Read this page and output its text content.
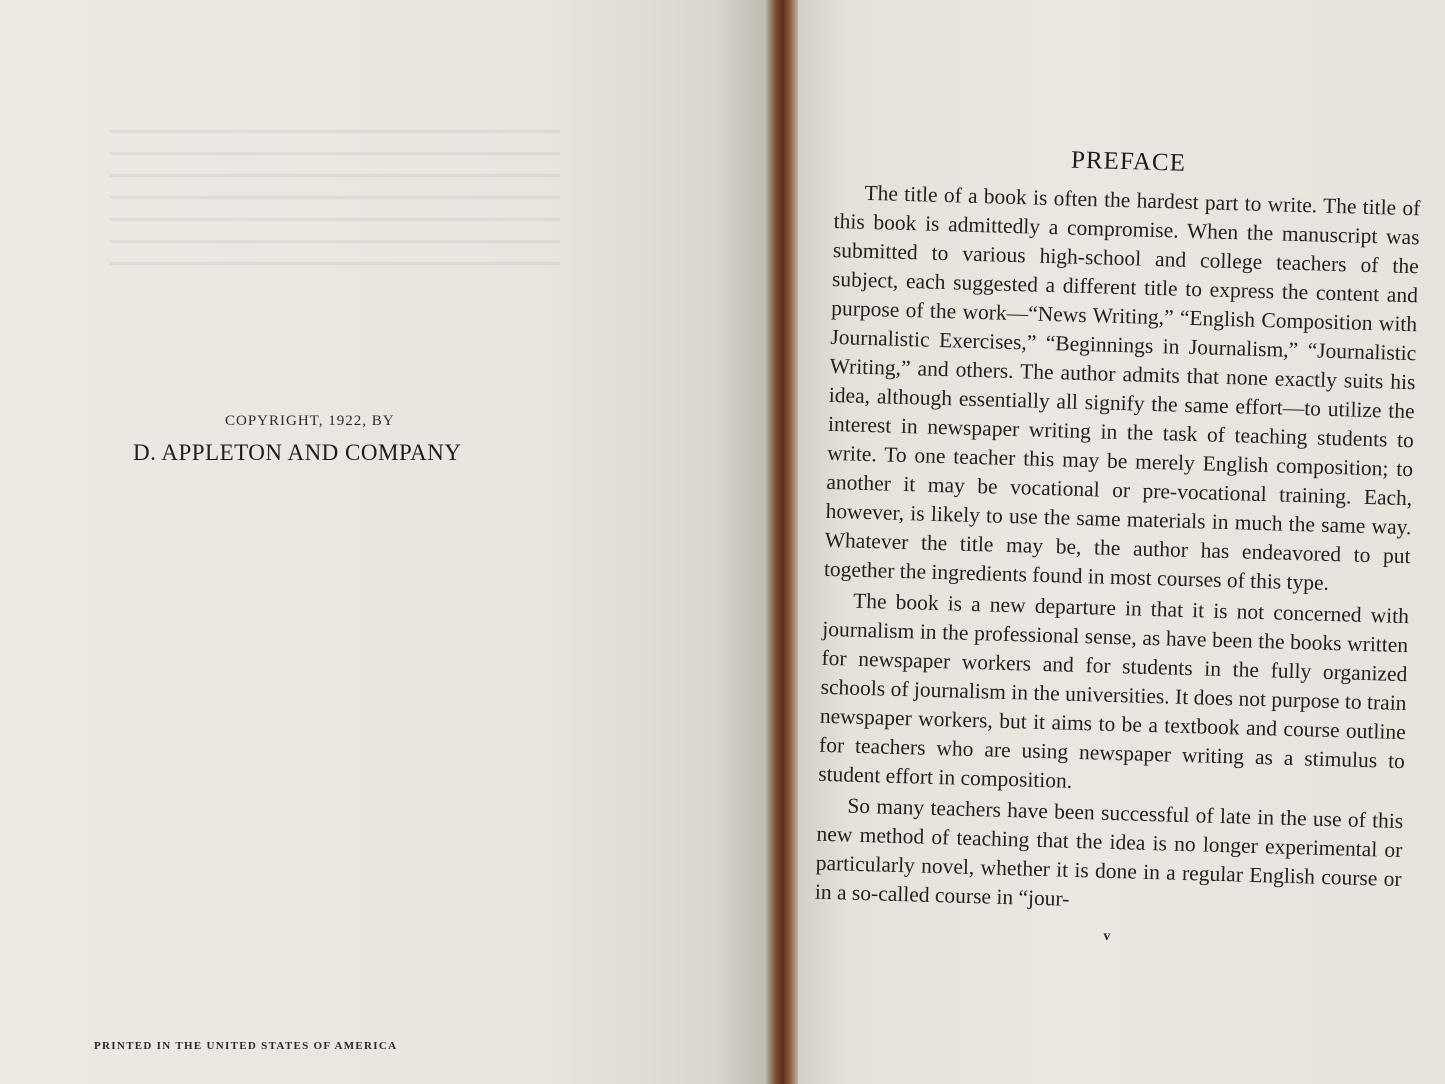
COPYRIGHT, 1922, BY
D. APPLETON AND COMPANY
PRINTED IN THE UNITED STATES OF AMERICA
PREFACE

The title of a book is often the hardest part to write. The title of this book is admittedly a compromise. When the manuscript was submitted to various high-school and college teachers of the subject, each suggested a different title to express the content and purpose of the work—“News Writing,” “English Composition with Journalistic Exercises,” “Beginnings in Journalism,” “Journalistic Writing,” and others. The author admits that none exactly suits his idea, although essentially all signify the same effort—to utilize the interest in newspaper writing in the task of teaching students to write. To one teacher this may be merely English composition; to another it may be vocational or pre-vocational training. Each, however, is likely to use the same materials in much the same way. Whatever the title may be, the author has endeavored to put together the ingredients found in most courses of this type.

The book is a new departure in that it is not concerned with journalism in the professional sense, as have been the books written for newspaper workers and for students in the fully organized schools of journalism in the universities. It does not purpose to train newspaper workers, but it aims to be a textbook and course outline for teachers who are using newspaper writing as a stimulus to student effort in composition.

So many teachers have been successful of late in the use of this new method of teaching that the idea is no longer experimental or particularly novel, whether it is done in a regular English course or in a so-called course in “jour-

v
